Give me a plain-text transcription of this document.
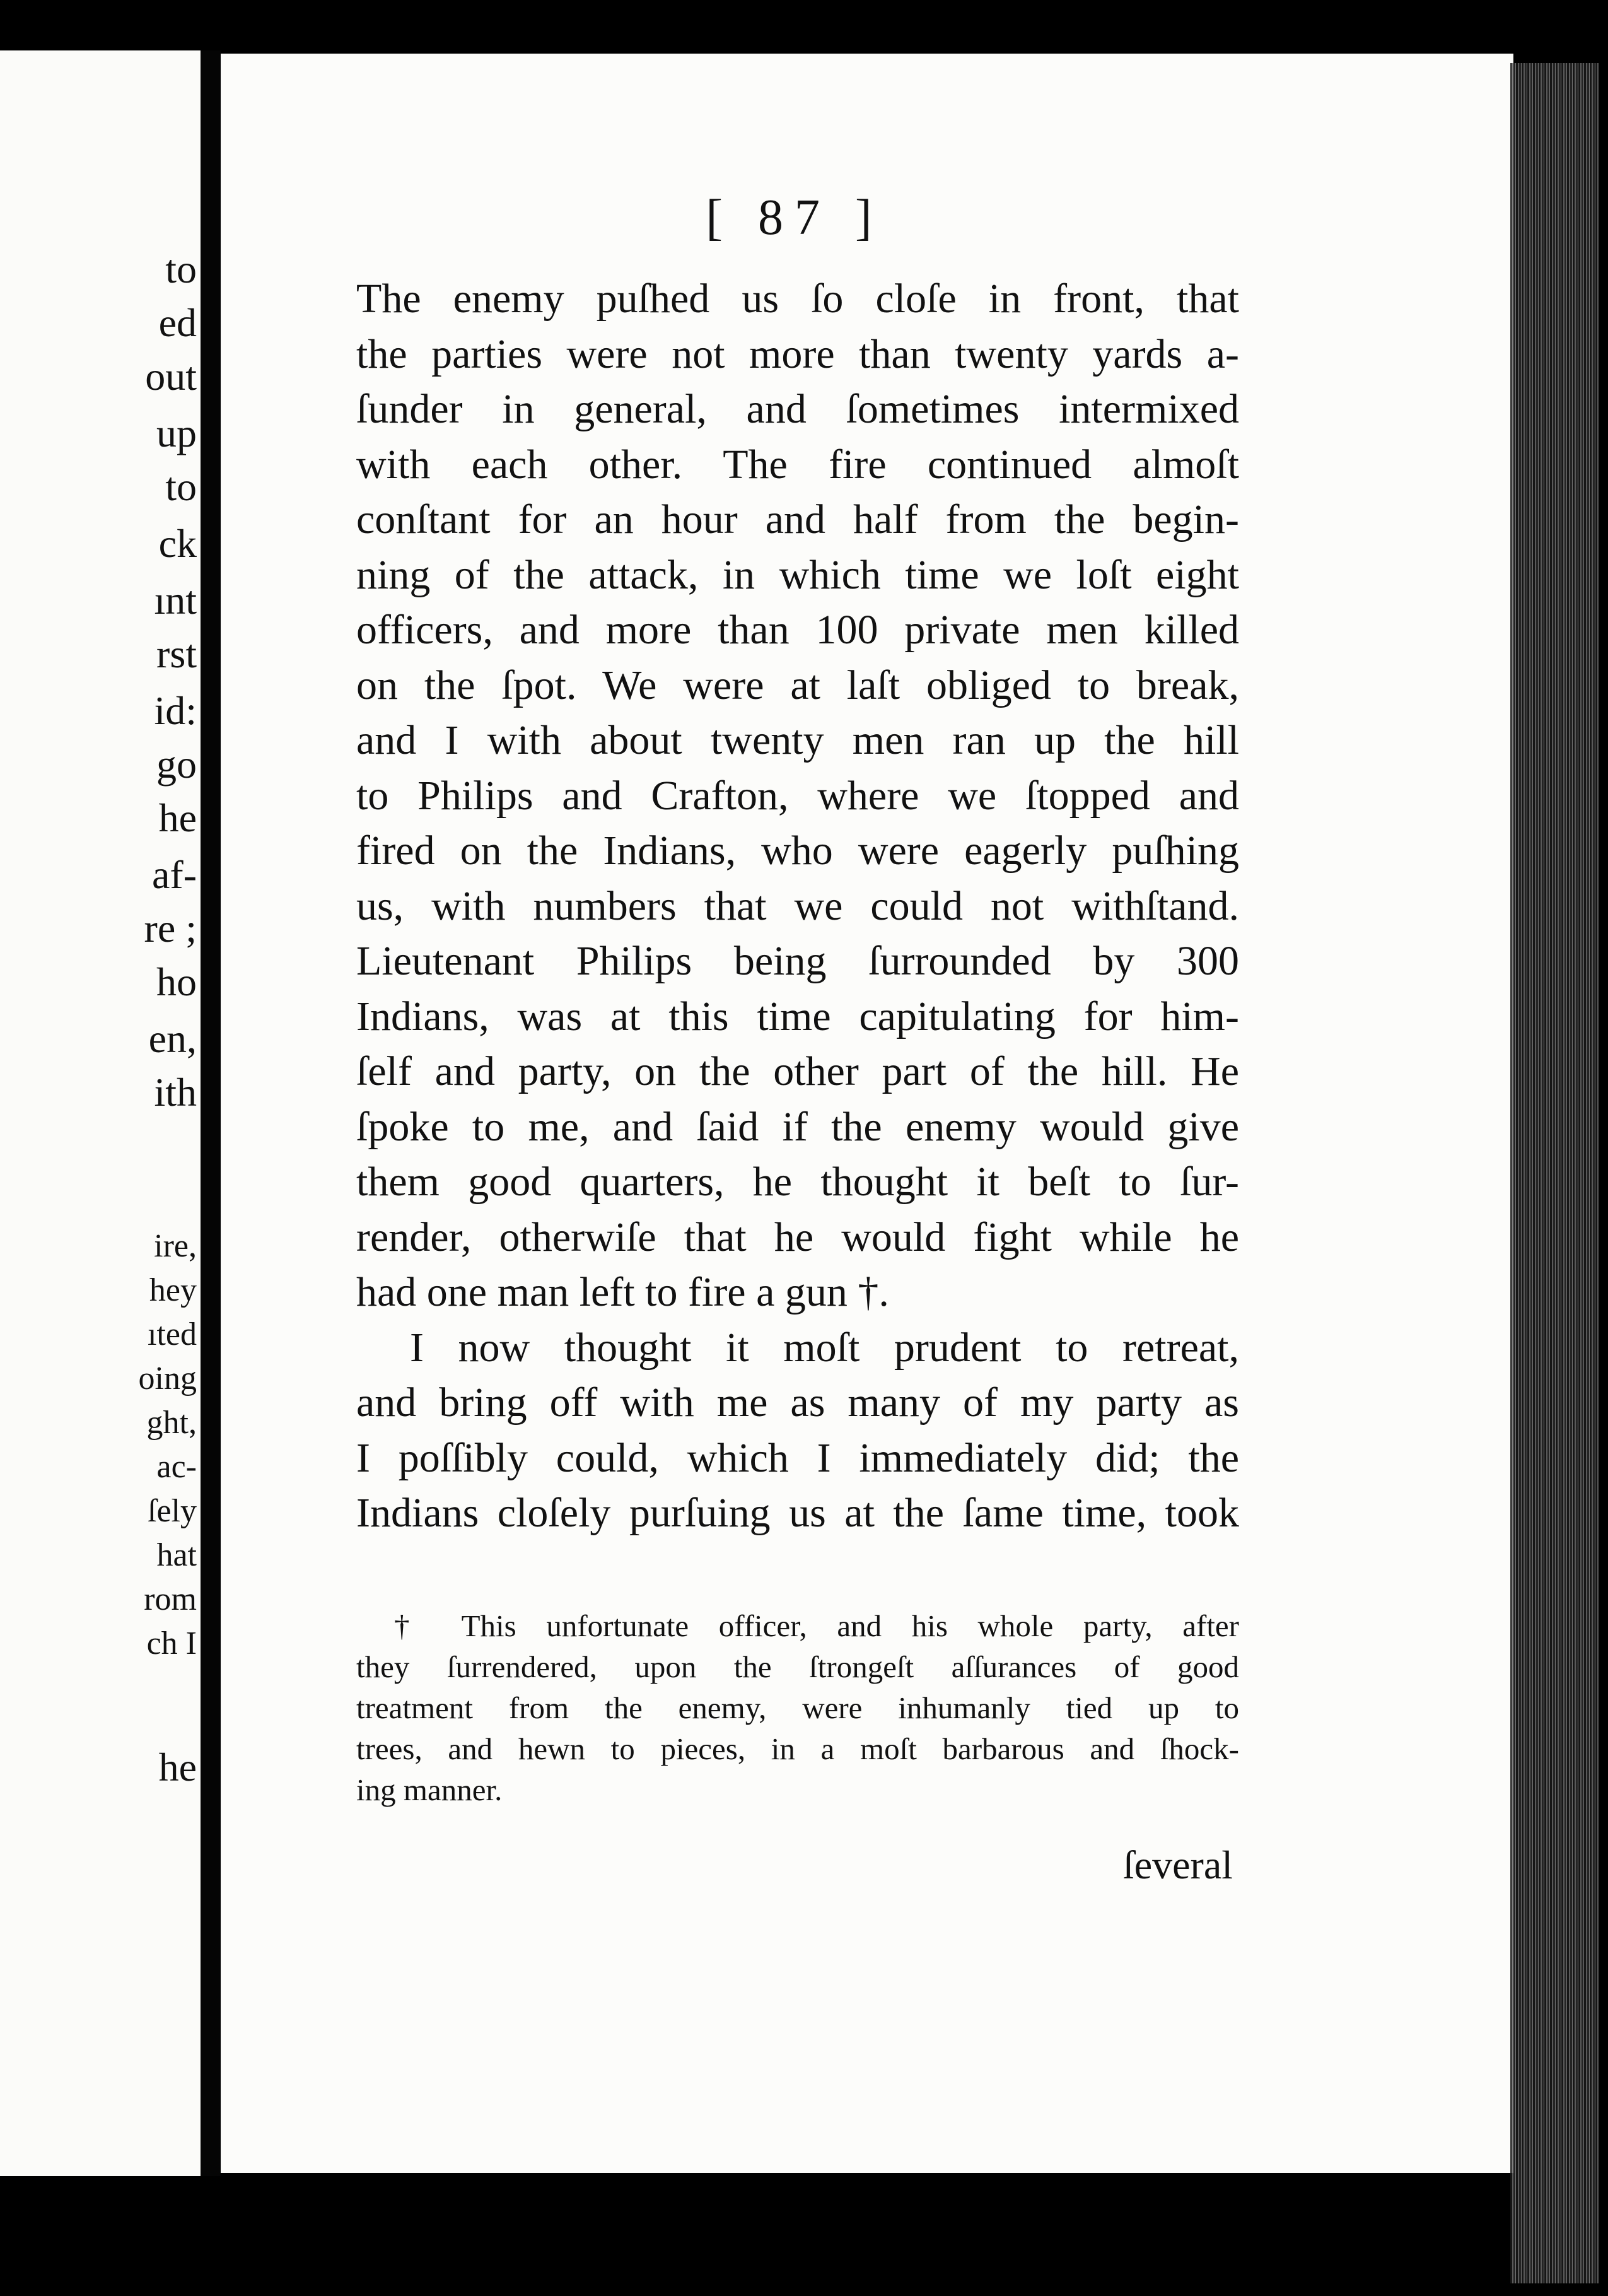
to
ed
out
up
to
ck
ınt
rst
id:
go
he
af-
re ;
ho
en,
ith
ire,
hey
ıted
oing
ght,
ac-
ſely
hat
rom
ch I
he
[ 87 ]
The enemy puſhed us ſo cloſe in front, that
the parties were not more than twenty yards a-
ſunder in general, and ſometimes intermixed
with each other. The fire continued almoſt
conſtant for an hour and half from the begin-
ning of the attack, in which time we loſt eight
officers, and more than 100 private men killed
on the ſpot. We were at laſt obliged to break,
and I with about twenty men ran up the hill
to Philips and Crafton, where we ſtopped and
fired on the Indians, who were eagerly puſhing
us, with numbers that we could not withſtand.
Lieutenant Philips being ſurrounded by 300
Indians, was at this time capitulating for him-
ſelf and party, on the other part of the hill. He
ſpoke to me, and ſaid if the enemy would give
them good quarters, he thought it beſt to ſur-
render, otherwiſe that he would fight while he
had one man left to fire a gun †.
I now thought it moſt prudent to retreat,
and bring off with me as many of my party as
I poſſibly could, which I immediately did; the
Indians cloſely purſuing us at the ſame time, took
† This unfortunate officer, and his whole party, after
they ſurrendered, upon the ſtrongeſt aſſurances of good
treatment from the enemy, were inhumanly tied up to
trees, and hewn to pieces, in a moſt barbarous and ſhock-
ing manner.
ſeveral
